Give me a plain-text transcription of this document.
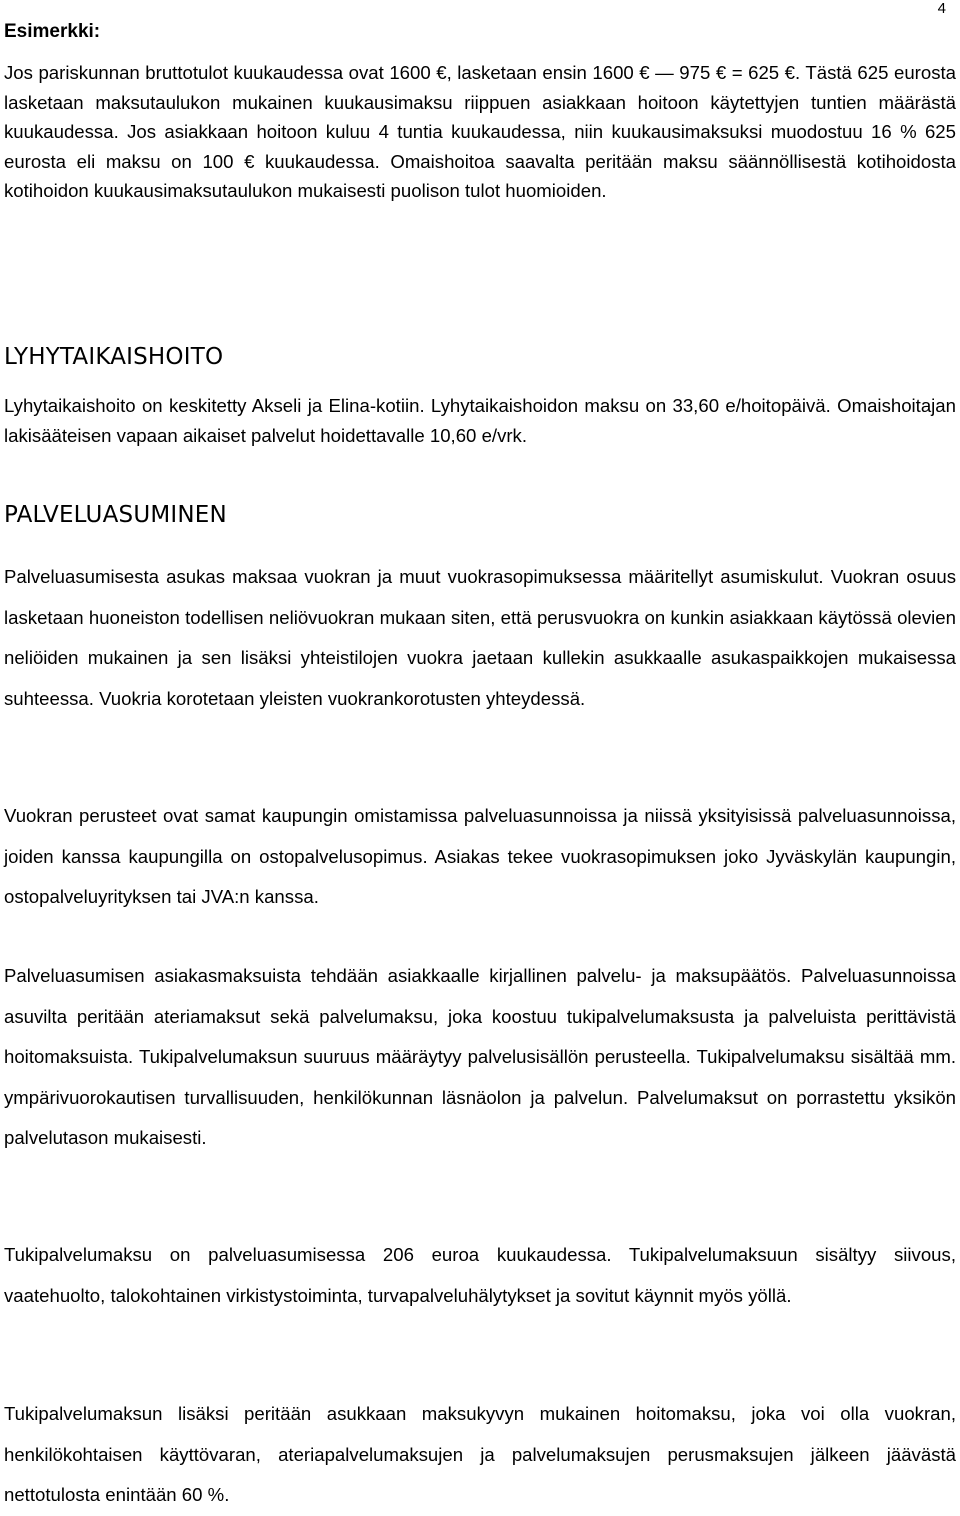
4
Esimerkki:

Jos pariskunnan bruttotulot kuukaudessa ovat 1600 €, lasketaan ensin 1600 € — 975 € = 625 €. Tästä 625 eurosta lasketaan maksutaulukon mukainen kuukausimaksu riippuen asiakkaan hoitoon käytettyjen tuntien määrästä kuukaudessa. Jos asiakkaan hoitoon kuluu 4 tuntia kuukaudessa, niin kuukausimaksuksi muodostuu 16 % 625 eurosta eli maksu on 100 € kuukaudessa. Omaishoitoa saavalta peritään maksu säännöllisestä kotihoidosta kotihoidon kuukausimaksutaulukon mukaisesti puolison tulot huomioiden.

LYHYTAIKAISHOITO

Lyhytaikaishoito on keskitetty Akseli ja Elina-kotiin. Lyhytaikaishoidon maksu on 33,60 e/hoitopäivä. Omaishoitajan lakisääteisen vapaan aikaiset palvelut hoidettavalle 10,60 e/vrk.

PALVELUASUMINEN

Palveluasumisesta asukas maksaa vuokran ja muut vuokrasopimuksessa määritellyt asumiskulut. Vuokran osuus lasketaan huoneiston todellisen neliövuokran mukaan siten, että perusvuokra on kunkin asiakkaan käytössä olevien neliöiden mukainen ja sen lisäksi yhteistilojen vuokra jaetaan kullekin asukkaalle asukaspaikkojen mukaisessa suhteessa. Vuokria korotetaan yleisten vuokrankorotusten yhteydessä.

Vuokran perusteet ovat samat kaupungin omistamissa palveluasunnoissa ja niissä yksityisissä palveluasunnoissa, joiden kanssa kaupungilla on ostopalvelusopimus. Asiakas tekee vuokrasopimuksen joko Jyväskylän kaupungin, ostopalveluyrityksen tai JVA:n kanssa.

Palveluasumisen asiakasmaksuista tehdään asiakkaalle kirjallinen palvelu- ja maksupäätös. Palveluasunnoissa asuvilta peritään ateriamaksut sekä palvelumaksu, joka koostuu tukipalvelumaksusta ja palveluista perittävistä hoitomaksuista. Tukipalvelumaksun suuruus määräytyy palvelusisällön perusteella. Tukipalvelumaksu sisältää mm. ympärivuorokautisen turvallisuuden, henkilökunnan läsnäolon ja palvelun. Palvelumaksut on porrastettu yksikön palvelutason mukaisesti.

Tukipalvelumaksu on palveluasumisessa 206 euroa kuukaudessa. Tukipalvelumaksuun sisältyy siivous, vaatehuolto, talokohtainen virkistystoiminta, turvapalveluhälytykset ja sovitut käynnit myös yöllä.

Tukipalvelumaksun lisäksi peritään asukkaan maksukyvyn mukainen hoitomaksu, joka voi olla vuokran, henkilökohtaisen käyttövaran, ateriapalvelumaksujen ja palvelumaksujen perusmaksujen jälkeen jäävästä nettotulosta enintään 60 %.
